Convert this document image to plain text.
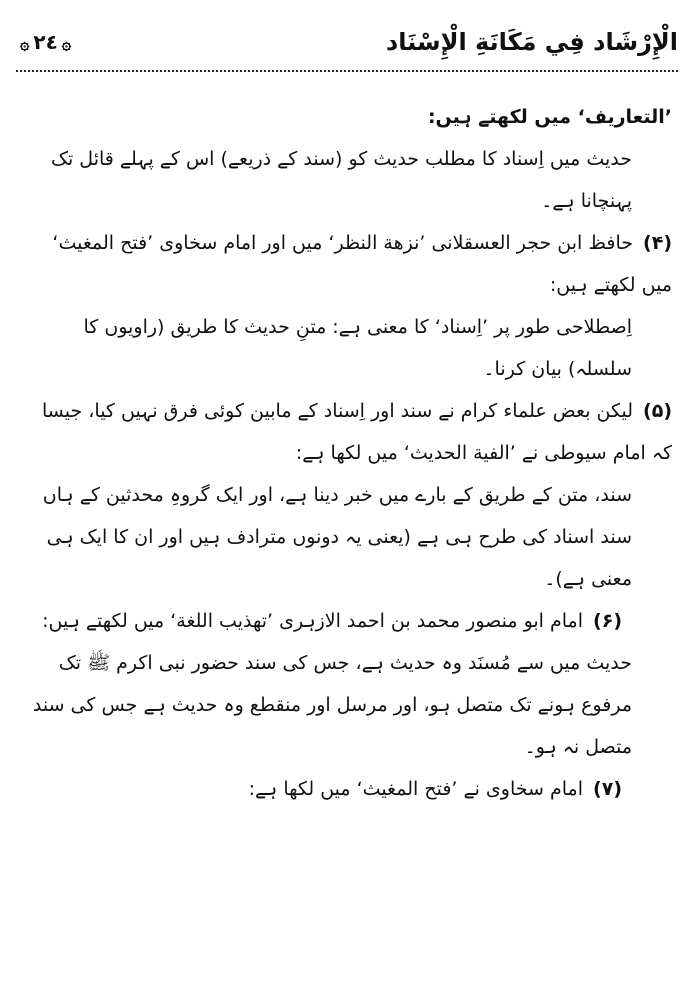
الْإِرْشَاد فِي مَكَانَةِ الْإِسْنَاد
۞ ٢٤ ۞

’التعاریف‘ میں لکھتے ہیں:

حدیث میں اِسناد کا مطلب حدیث کو (سند کے ذریعے) اس کے پہلے قائل تک پہنچانا ہے۔

(۴)حافظ ابن حجر العسقلانی ’نزهة النظر‘ میں اور امام سخاوی ’فتح المغیث‘ میں لکھتے ہیں:

اِصطلاحی طور پر ’اِسناد‘ کا معنی ہے: متنِ حدیث کا طریق (راویوں کا سلسلہ) بیان کرنا۔

(۵)لیکن بعض علماء کرام نے سند اور اِسناد کے مابین کوئی فرق نہیں کیا، جیسا کہ امام سیوطی نے ’الفیة الحدیث‘ میں لکھا ہے:

سند، متن کے طریق کے بارے میں خبر دینا ہے، اور ایک گروہِ محدثین کے ہاں سند اسناد کی طرح ہی ہے (یعنی یہ دونوں مترادف ہیں اور ان کا ایک ہی معنی ہے)۔

(۶)امام ابو منصور محمد بن احمد الازہری ’تهذيب اللغة‘ میں لکھتے ہیں:

حدیث میں سے مُسنَد وہ حدیث ہے، جس کی سند حضور نبی اکرم ﷺ تک مرفوع ہونے تک متصل ہو، اور مرسل اور منقطع وہ حدیث ہے جس کی سند متصل نہ ہو۔

(۷)امام سخاوی نے ’فتح المغیث‘ میں لکھا ہے:
